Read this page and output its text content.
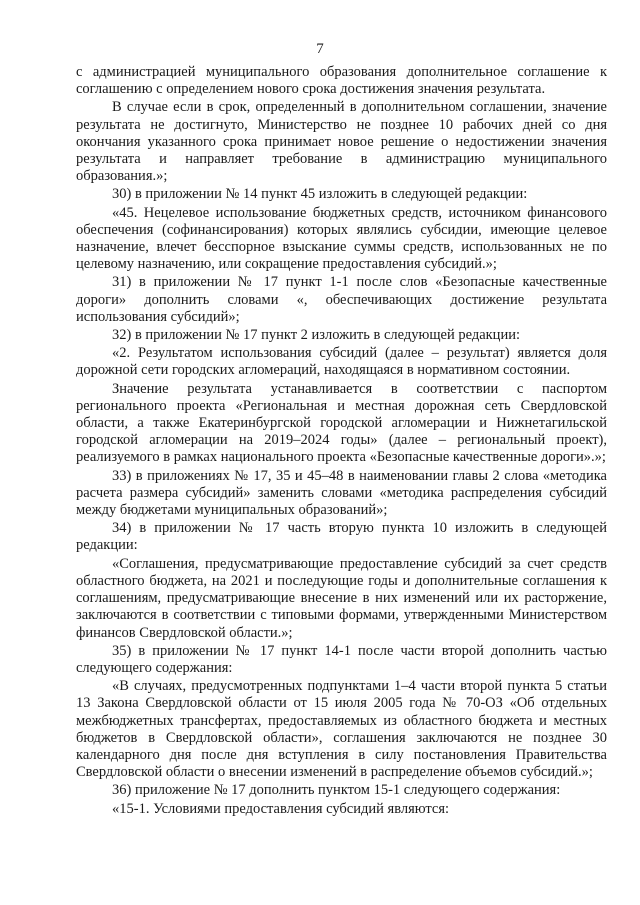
7

с администрацией муниципального образования дополнительное соглашение к соглашению с определением нового срока достижения значения результата.

В случае если в срок, определенный в дополнительном соглашении, значение результата не достигнуто, Министерство не позднее 10 рабочих дней со дня окончания указанного срока принимает новое решение о недостижении значения результата и направляет требование в администрацию муниципального образования.»;

30) в приложении № 14 пункт 45 изложить в следующей редакции:

«45. Нецелевое использование бюджетных средств, источником финансового обеспечения (софинансирования) которых являлись субсидии, имеющие целевое назначение, влечет бесспорное взыскание суммы средств, использованных не по целевому назначению, или сокращение предоставления субсидий.»;

31) в приложении № 17 пункт 1-1 после слов «Безопасные качественные дороги» дополнить словами «, обеспечивающих достижение результата использования субсидий»;

32) в приложении № 17 пункт 2 изложить в следующей редакции:

«2. Результатом использования субсидий (далее – результат) является доля дорожной сети городских агломераций, находящаяся в нормативном состоянии.

Значение результата устанавливается в соответствии с паспортом регионального проекта «Региональная и местная дорожная сеть Свердловской области, а также Екатеринбургской городской агломерации и Нижнетагильской городской агломерации на 2019–2024 годы» (далее – региональный проект), реализуемого в рамках национального проекта «Безопасные качественные дороги».»;

33) в приложениях № 17, 35 и 45–48 в наименовании главы 2 слова «методика расчета размера субсидий» заменить словами «методика распределения субсидий между бюджетами муниципальных образований»;

34) в приложении № 17 часть вторую пункта 10 изложить в следующей редакции:

«Соглашения, предусматривающие предоставление субсидий за счет средств областного бюджета, на 2021 и последующие годы и дополнительные соглашения к соглашениям, предусматривающие внесение в них изменений или их расторжение, заключаются в соответствии с типовыми формами, утвержденными Министерством финансов Свердловской области.»;

35) в приложении № 17 пункт 14-1 после части второй дополнить частью следующего содержания:

«В случаях, предусмотренных подпунктами 1–4 части второй пункта 5 статьи 13 Закона Свердловской области от 15 июля 2005 года № 70-ОЗ «Об отдельных межбюджетных трансфертах, предоставляемых из областного бюджета и местных бюджетов в Свердловской области», соглашения заключаются не позднее 30 календарного дня после дня вступления в силу постановления Правительства Свердловской области о внесении изменений в распределение объемов субсидий.»;

36) приложение № 17 дополнить пунктом 15-1 следующего содержания:

«15-1. Условиями предоставления субсидий являются:
